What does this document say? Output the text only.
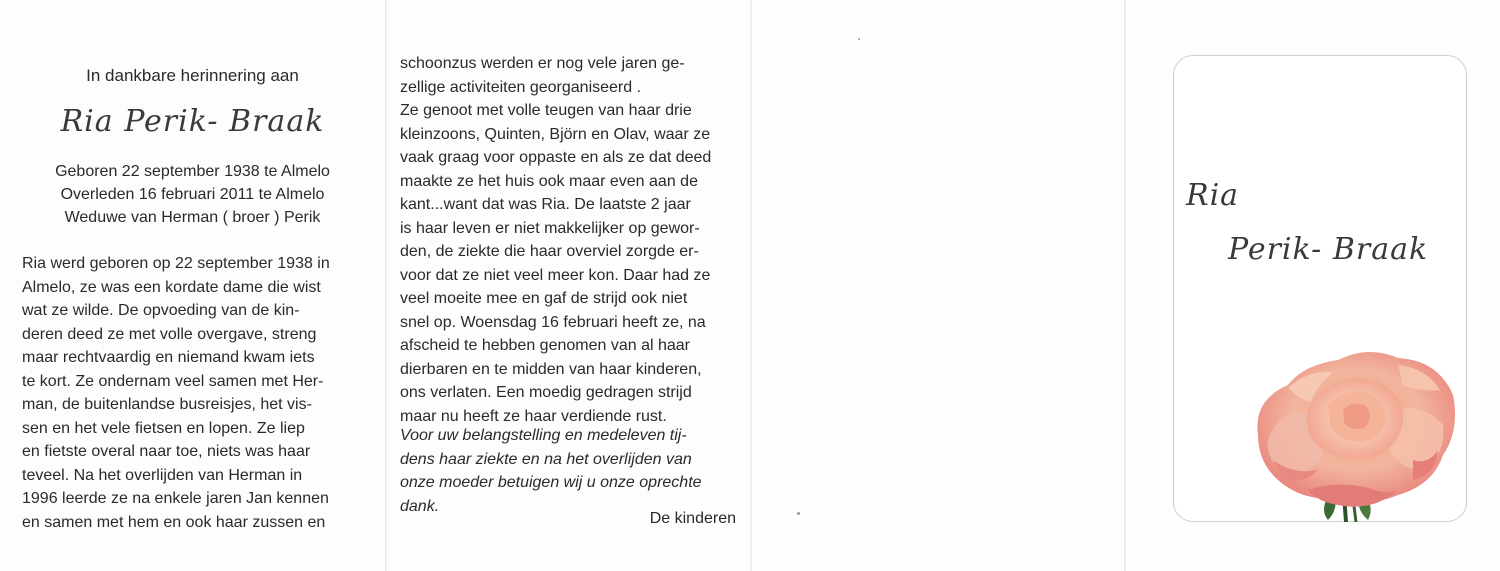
In dankbare herinnering aan
Ria Perik- Braak
Geboren 22 september 1938 te Almelo
Overleden 16 februari 2011 te Almelo
Weduwe van Herman ( broer ) Perik
Ria werd geboren op 22 september 1938 in
Almelo, ze was een kordate dame die wist
wat ze wilde. De opvoeding van de kin-
deren deed ze met volle overgave, streng
maar rechtvaardig en niemand kwam iets
te kort. Ze ondernam veel samen met Her-
man, de buitenlandse busreisjes, het vis-
sen en het vele fietsen en lopen. Ze liep
en fietste overal naar toe, niets was haar
teveel. Na het overlijden van Herman in
1996 leerde ze na enkele jaren Jan kennen
en samen met hem en ook haar zussen en
schoonzus werden er nog vele jaren ge-
zellige activiteiten georganiseerd .
Ze genoot met volle teugen van haar drie
kleinzoons, Quinten, Björn en Olav, waar ze
vaak graag voor oppaste en als ze dat deed
maakte ze het huis ook maar even aan de
kant...want dat was Ria. De laatste 2 jaar
is haar leven er niet makkelijker op gewor-
den, de ziekte die haar overviel zorgde er-
voor dat ze niet veel meer kon. Daar had ze
veel moeite mee en gaf de strijd ook niet
snel op. Woensdag 16 februari heeft ze, na
afscheid te hebben genomen van al haar
dierbaren en te midden van haar kinderen,
ons verlaten. Een moedig gedragen strijd
maar nu heeft ze haar verdiende rust.
Voor uw belangstelling en medeleven tij-
dens haar ziekte en na het overlijden van
onze moeder betuigen wij u onze oprechte
dank.
De kinderen
Ria
Perik- Braak
